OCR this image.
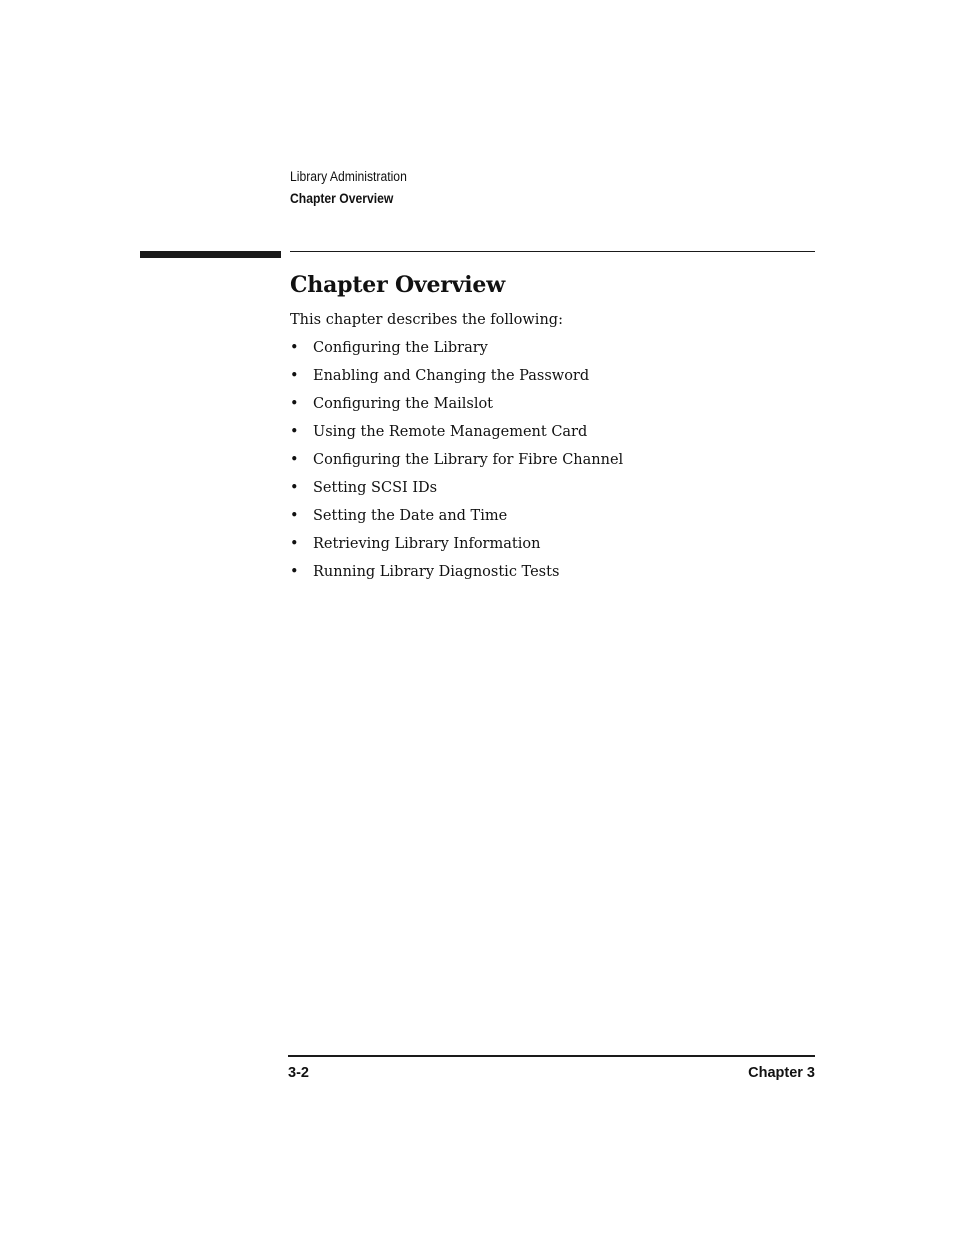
Library Administration
Chapter Overview
Chapter Overview

This chapter describes the following:

• Configuring the Library
• Enabling and Changing the Password
• Configuring the Mailslot
• Using the Remote Management Card
• Configuring the Library for Fibre Channel
• Setting SCSI IDs
• Setting the Date and Time
• Retrieving Library Information
• Running Library Diagnostic Tests
3-2	Chapter 3
